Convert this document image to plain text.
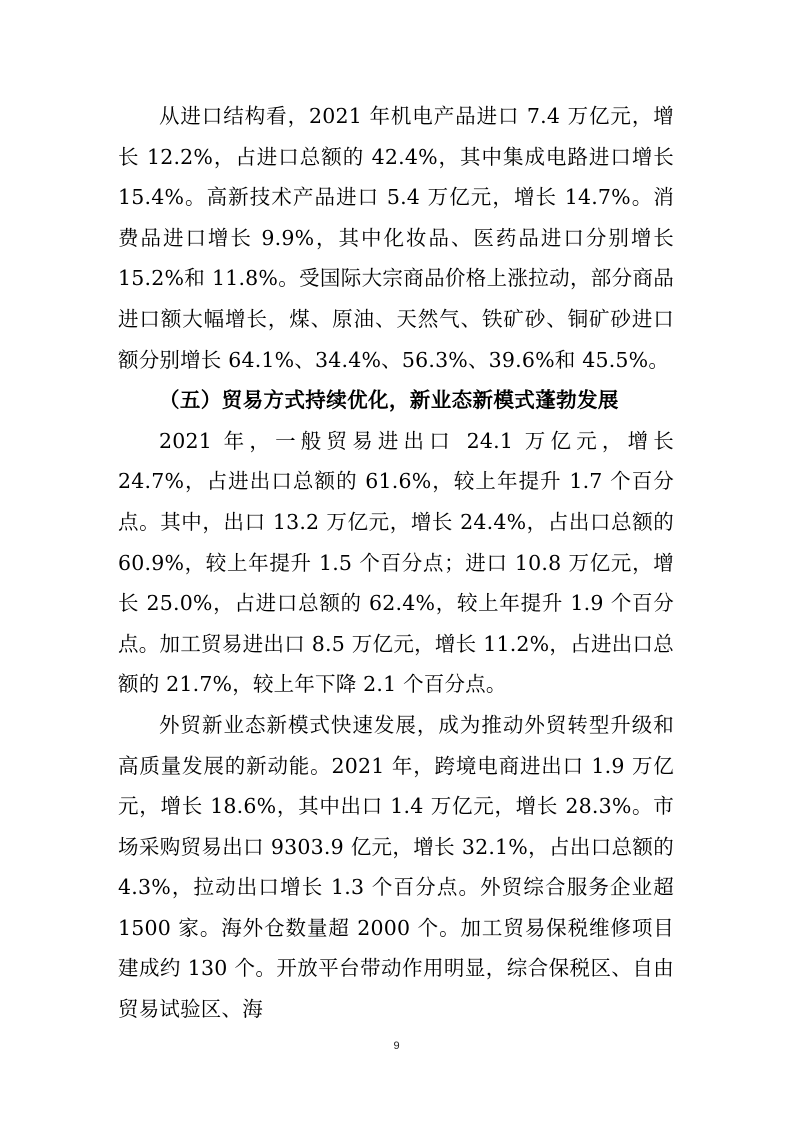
从进口结构看，2021 年机电产品进口 7.4 万亿元，增长 12.2%，占进口总额的 42.4%，其中集成电路进口增长 15.4%。高新技术产品进口 5.4 万亿元，增长 14.7%。消费品进口增长 9.9%，其中化妆品、医药品进口分别增长 15.2%和 11.8%。受国际大宗商品价格上涨拉动，部分商品进口额大幅增长，煤、原油、天然气、铁矿砂、铜矿砂进口额分别增长 64.1%、34.4%、56.3%、39.6%和 45.5%。

（五）贸易方式持续优化，新业态新模式蓬勃发展

2021 年，一般贸易进出口 24.1 万亿元，增长 24.7%，占进出口总额的 61.6%，较上年提升 1.7 个百分点。其中，出口 13.2 万亿元，增长 24.4%，占出口总额的 60.9%，较上年提升 1.5 个百分点；进口 10.8 万亿元，增长 25.0%，占进口总额的 62.4%，较上年提升 1.9 个百分点。加工贸易进出口 8.5 万亿元，增长 11.2%，占进出口总额的 21.7%，较上年下降 2.1 个百分点。

外贸新业态新模式快速发展，成为推动外贸转型升级和高质量发展的新动能。2021 年，跨境电商进出口 1.9 万亿元，增长 18.6%，其中出口 1.4 万亿元，增长 28.3%。市场采购贸易出口 9303.9 亿元，增长 32.1%，占出口总额的 4.3%，拉动出口增长 1.3 个百分点。外贸综合服务企业超 1500 家。海外仓数量超 2000 个。加工贸易保税维修项目建成约 130 个。开放平台带动作用明显，综合保税区、自由贸易试验区、海

9
